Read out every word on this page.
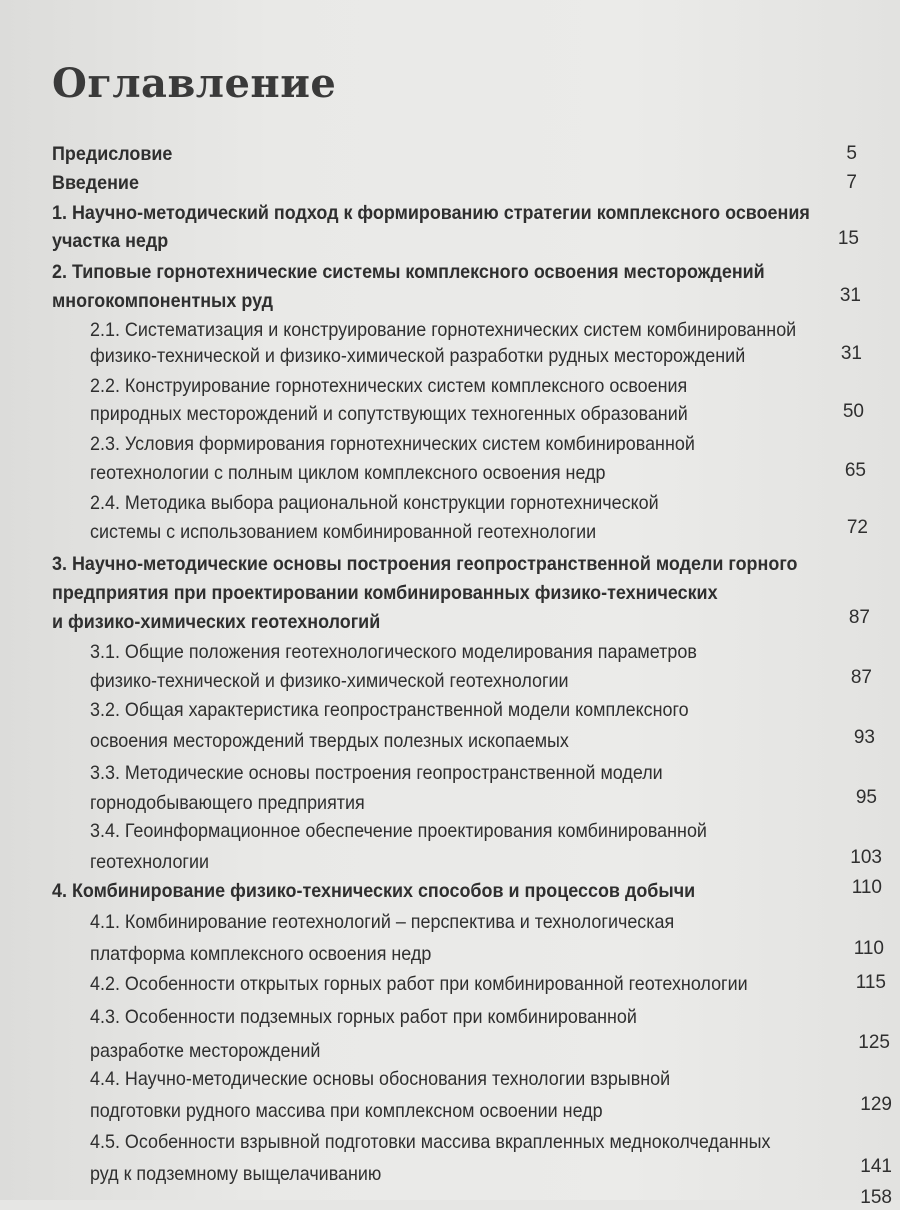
Оглавление
Предисловие	5
Введение	7
1. Научно-методический подход к формированию стратегии комплексного освоения
участка недр	15
2. Типовые горнотехнические системы комплексного освоения месторождений
многокомпонентных руд	31
2.1. Систематизация и конструирование горнотехнических систем комбинированной
физико-технической и физико-химической разработки рудных месторождений	31
2.2. Конструирование горнотехнических систем комплексного освоения
природных месторождений и сопутствующих техногенных образований	50
2.3. Условия формирования горнотехнических систем комбинированной
геотехнологии с полным циклом комплексного освоения недр	65
2.4. Методика выбора рациональной конструкции горнотехнической
системы с использованием комбинированной геотехнологии	72
3. Научно-методические основы построения геопространственной модели горного
предприятия при проектировании комбинированных физико-технических
и физико-химических геотехнологий	87
3.1. Общие положения геотехнологического моделирования параметров
физико-технической и физико-химической геотехнологии	87
3.2. Общая характеристика геопространственной модели комплексного
освоения месторождений твердых полезных ископаемых	93
3.3. Методические основы построения геопространственной модели
горнодобывающего предприятия	95
3.4. Геоинформационное обеспечение проектирования комбинированной
геотехнологии	103
4. Комбинирование физико-технических способов и процессов добычи	110
4.1. Комбинирование геотехнологий – перспектива и технологическая
платформа комплексного освоения недр	110
4.2. Особенности открытых горных работ при комбинированной геотехнологии	115
4.3. Особенности подземных горных работ при комбинированной
разработке месторождений	125
4.4. Научно-методические основы обоснования технологии взрывной
подготовки рудного массива при комплексном освоении недр	129
4.5. Особенности взрывной подготовки массива вкрапленных медноколчеданных
руд к подземному выщелачиванию	141
158
